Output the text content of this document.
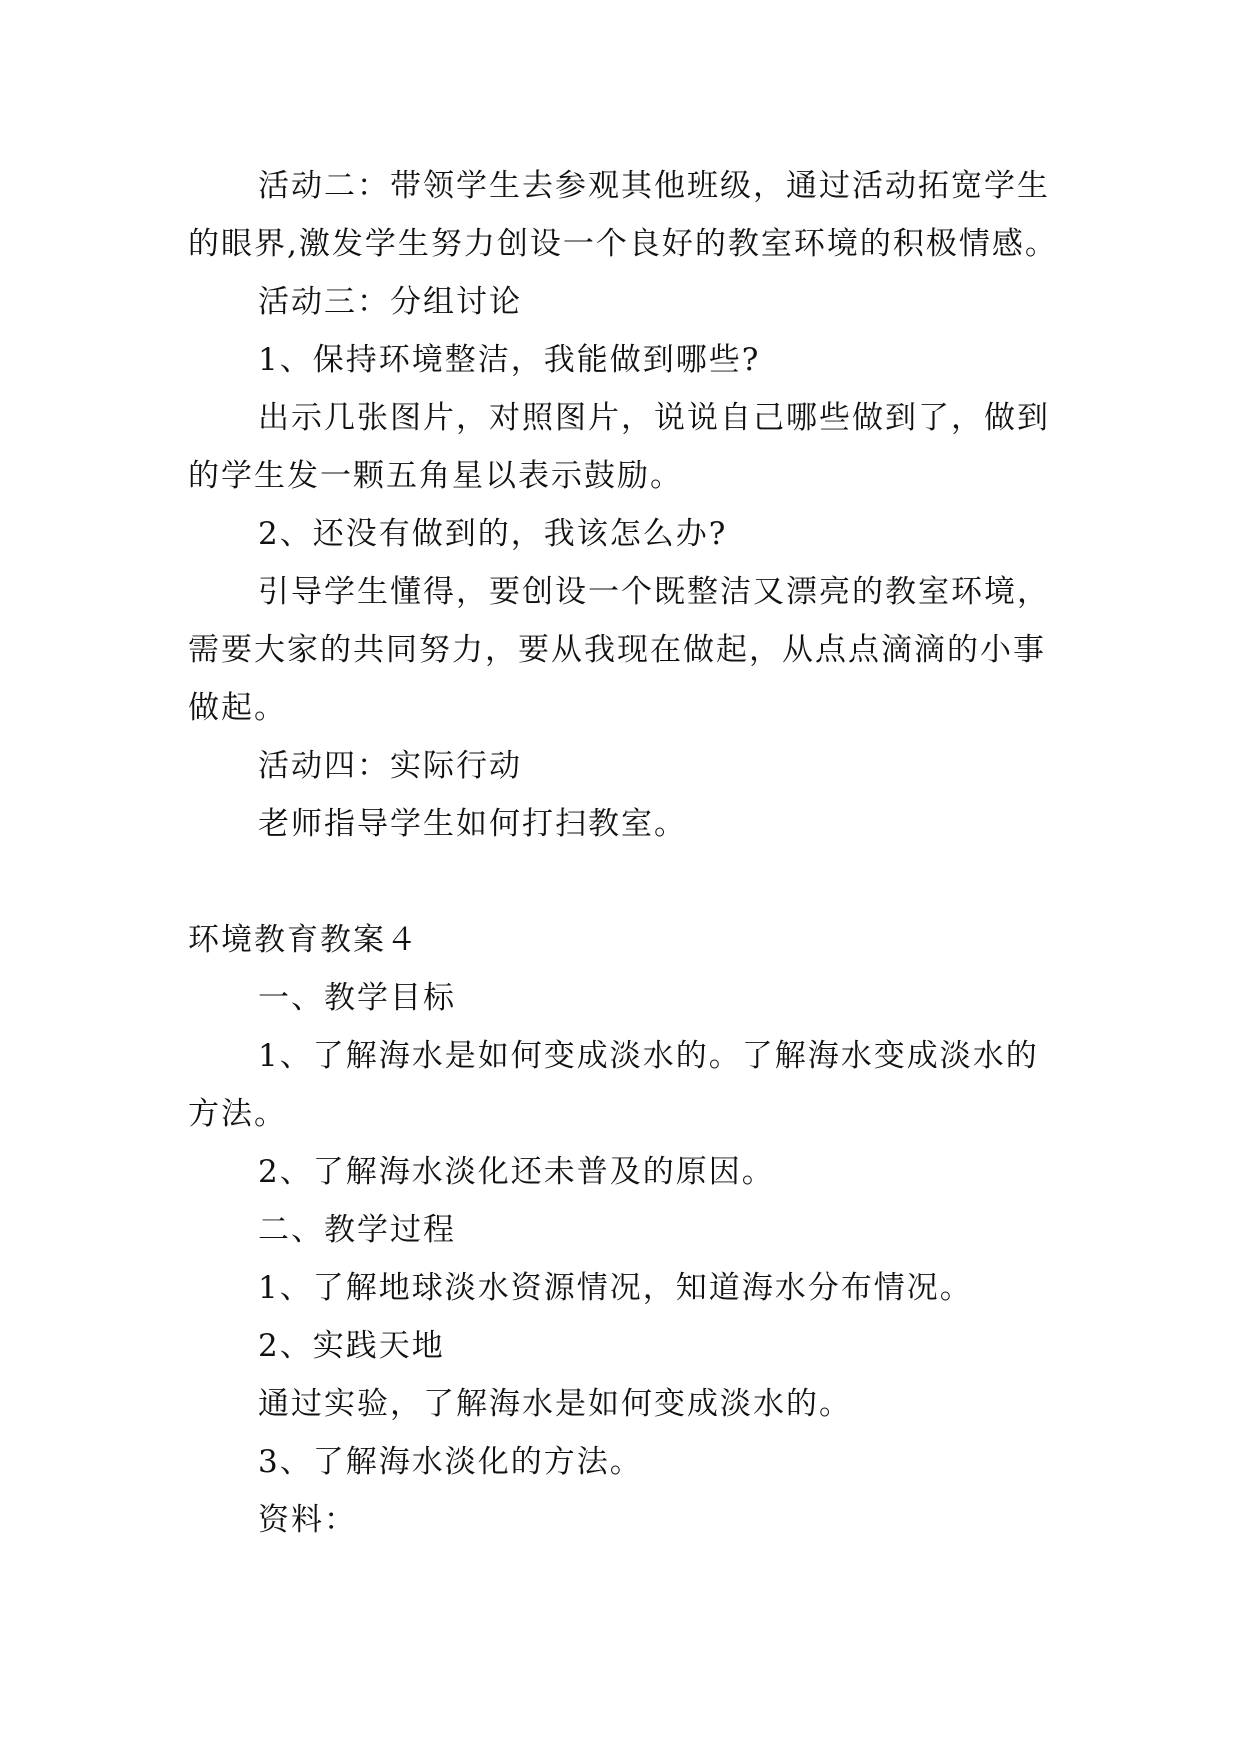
活动二：带领学生去参观其他班级，通过活动拓宽学生
的眼界,激发学生努力创设一个良好的教室环境的积极情感。
活动三：分组讨论
1、保持环境整洁，我能做到哪些?
出示几张图片，对照图片，说说自己哪些做到了，做到
的学生发一颗五角星以表示鼓励。
2、还没有做到的，我该怎么办?
引导学生懂得，要创设一个既整洁又漂亮的教室环境，
需要大家的共同努力，要从我现在做起，从点点滴滴的小事
做起。
活动四：实际行动
老师指导学生如何打扫教室。
环境教育教案４
一、教学目标
1、了解海水是如何变成淡水的。了解海水变成淡水的
方法。
2、了解海水淡化还未普及的原因。
二、教学过程
1、了解地球淡水资源情况，知道海水分布情况。
2、实践天地
通过实验，了解海水是如何变成淡水的。
3、了解海水淡化的方法。
资料：
